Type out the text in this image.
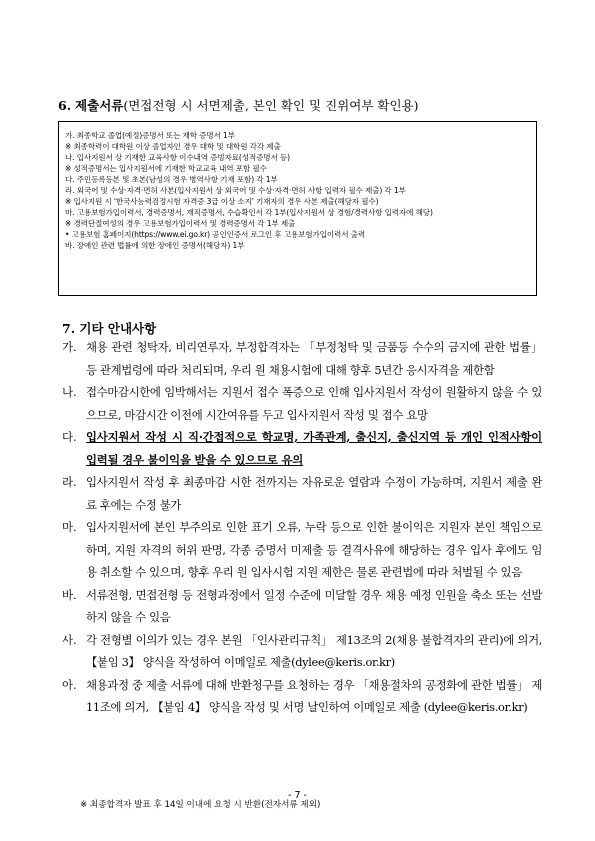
6. 제출서류(면접전형 시 서면제출, 본인 확인 및 진위여부 확인용)
가. 최종학교 졸업(예정)증명서 또는 재학 증명서 1부
※ 최종학력이 대학원 이상 졸업자인 경우 대학 및 대학원 각각 제출
나. 입사지원서 상 기재한 교육사항 이수내역 증빙자료(성적증명서 등)
※ 성적증명서는 입사지원서에 기재한 학교교육 내역 포함 필수
다. 주민등록등본 및 초본(남성의 경우 병역사항 기재 포함) 각 1부
라. 외국어 및 수상·자격·면허 사본(입사지원서 상 외국어 및 수상·자격·면허 사항 입력자 필수 제출) 각 1부
※ 입사지원 시 '한국사능력검정시험 자격증 3급 이상 소지' 기재자의 경우 사본 제출(해당자 필수)
마. 고용보험가입이력서, 경력증명서, 재직증명서, 수습확인서 각 1부(입사지원서 상 경험/경력사항 입력자에 해당)
※ 경력단절여성의 경우 고용보험가입이력서 및 경력증명서 각 1부 제출
• 고용보험 홈페이지(https://www.ei.go.kr) 공인인증서 로그인 후 고용보험가입이력서 출력
바. 장애인 관련 법률에 의한 장애인 증명서(해당자) 1부
7. 기타 안내사항
가. 채용 관련 청탁자, 비리연루자, 부정합격자는 「부정청탁 및 금품등 수수의 금지에 관한 법률」 등 관계법령에 따라 처리되며, 우리 원 채용시험에 대해 향후 5년간 응시자격을 제한함
나. 접수마감시한에 임박해서는 지원서 접수 폭증으로 인해 입사지원서 작성이 원활하지 않을 수 있으므로, 마감시간 이전에 시간여유를 두고 입사지원서 작성 및 접수 요망
다. 입사지원서 작성 시 직·간접적으로 학교명, 가족관계, 출신지, 출신지역 등 개인 인적사항이 입력될 경우 불이익을 받을 수 있으므로 유의
라. 입사지원서 작성 후 최종마감 시한 전까지는 자유로운 열람과 수정이 가능하며, 지원서 제출 완료 후에는 수정 불가
마. 입사지원서에 본인 부주의로 인한 표기 오류, 누락 등으로 인한 불이익은 지원자 본인 책임으로 하며, 지원 자격의 허위 판명, 각종 증명서 미제출 등 결격사유에 해당하는 경우 입사 후에도 임용 취소할 수 있으며, 향후 우리 원 입사시험 지원 제한은 물론 관련법에 따라 처벌될 수 있음
바. 서류전형, 면접전형 등 전형과정에서 일정 수준에 미달할 경우 채용 예정 인원을 축소 또는 선발하지 않을 수 있음
사. 각 전형별 이의가 있는 경우 본원 「인사관리규칙」 제13조의 2(채용 불합격자의 관리)에 의거, 【붙임 3】 양식을 작성하여 이메일로 제출(dylee@keris.or.kr)
아. 채용과정 중 제출 서류에 대해 반환청구를 요청하는 경우 「채용절차의 공정화에 관한 법률」 제11조에 의거, 【붙임 4】 양식을 작성 및 서명 날인하여 이메일로 제출 (dylee@keris.or.kr)
※ 최종합격자 발표 후 14일 이내에 요청 시 반환(전자서류 제외)
- 7 -
